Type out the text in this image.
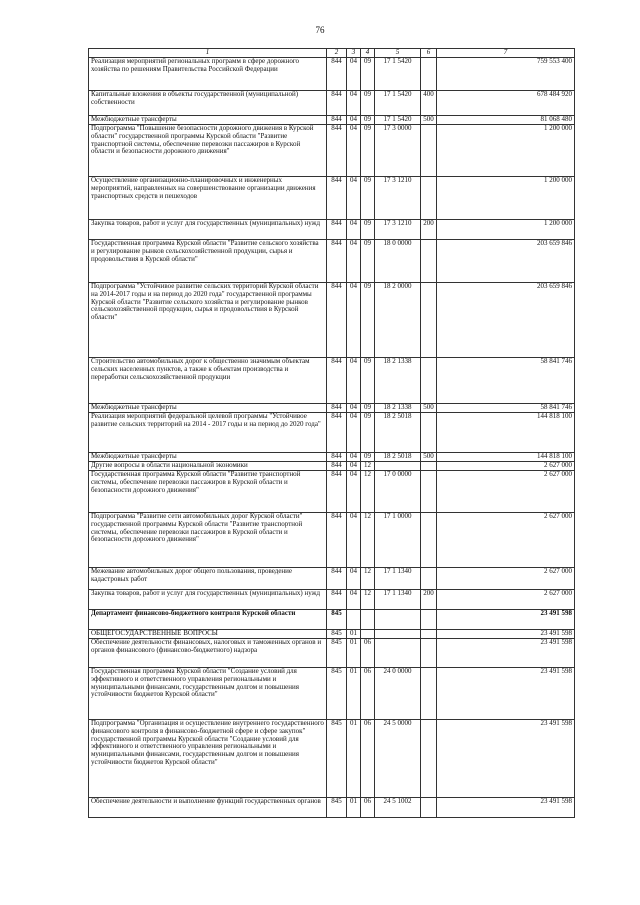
76
1	2	3	4	5	6	7
Реализация мероприятий региональных программ в сфере дорожного хозяйства по решениям Правительства Российской Федерации	844	04	09	17 1 5420		759 553 400
Капитальные вложения в объекты государственной (муниципальной) собственности	844	04	09	17 1 5420	400	678 484 920
Межбюджетные трансферты	844	04	09	17 1 5420	500	81 068 480
Подпрограмма "Повышение безопасности дорожного движения в Курской области" государственной программы Курской области "Развитие транспортной системы, обеспечение перевозки пассажиров в Курской области и безопасности дорожного движения"	844	04	09	17 3 0000		1 200 000
Осуществление организационно-планировочных и инженерных мероприятий, направленных на совершенствование организации движения транспортных средств и пешеходов	844	04	09	17 3 1210		1 200 000
Закупка товаров, работ и услуг для государственных (муниципальных) нужд	844	04	09	17 3 1210	200	1 200 000
Государственная программа Курской области "Развитие сельского хозяйства и регулирование рынков сельскохозяйственной продукции, сырья и продовольствия в Курской области"	844	04	09	18 0 0000		203 659 846
Подпрограмма "Устойчивое развитие сельских территорий Курской области на 2014-2017 годы и на период до 2020 года" государственной программы Курской области "Развитие сельского хозяйства и регулирование рынков сельскохозяйственной продукции, сырья и продовольствия в Курской области"	844	04	09	18 2 0000		203 659 846
Строительство автомобильных дорог к общественно значимым объектам сельских населенных пунктов, а также к объектам производства и переработки сельскохозяйственной продукции	844	04	09	18 2 1338		58 841 746
Межбюджетные трансферты	844	04	09	18 2 1338	500	58 841 746
Реализация мероприятий федеральной целевой программы "Устойчивое развитие сельских территорий на 2014 - 2017 годы и на период до 2020 года"	844	04	09	18 2 5018		144 818 100
Межбюджетные трансферты	844	04	09	18 2 5018	500	144 818 100
Другие вопросы в области национальной экономики	844	04	12			2 627 000
Государственная программа Курской области "Развитие транспортной системы, обеспечение перевозки пассажиров в Курской области и безопасности дорожного движения"	844	04	12	17 0 0000		2 627 000
Подпрограмма "Развитие сети автомобильных дорог Курской области" государственной программы Курской области "Развитие транспортной системы, обеспечение перевозки пассажиров в Курской области и безопасности дорожного движения"	844	04	12	17 1 0000		2 627 000
Межевание автомобильных дорог общего пользования, проведение кадастровых работ	844	04	12	17 1 1340		2 627 000
Закупка товаров, работ и услуг для государственных (муниципальных) нужд	844	04	12	17 1 1340	200	2 627 000
Департамент финансово-бюджетного контроля Курской области	845					23 491 598
ОБЩЕГОСУДАРСТВЕННЫЕ ВОПРОСЫ	845	01				23 491 598
Обеспечение деятельности финансовых, налоговых и таможенных органов и органов финансового (финансово-бюджетного) надзора	845	01	06			23 491 598
Государственная программа Курской области "Создание условий для эффективного и ответственного управления региональными и муниципальными финансами, государственным долгом и повышения устойчивости бюджетов Курской области"	845	01	06	24 0 0000		23 491 598
Подпрограмма "Организация и осуществление внутреннего государственного финансового контроля в финансово-бюджетной сфере и сфере закупок" государственной программы Курской области "Создание условий для эффективного и ответственного управления региональными и муниципальными финансами, государственным долгом и повышения устойчивости бюджетов Курской области"	845	01	06	24 5 0000		23 491 598
Обеспечение деятельности и выполнение функций государственных органов	845	01	06	24 5 1002		23 491 598
